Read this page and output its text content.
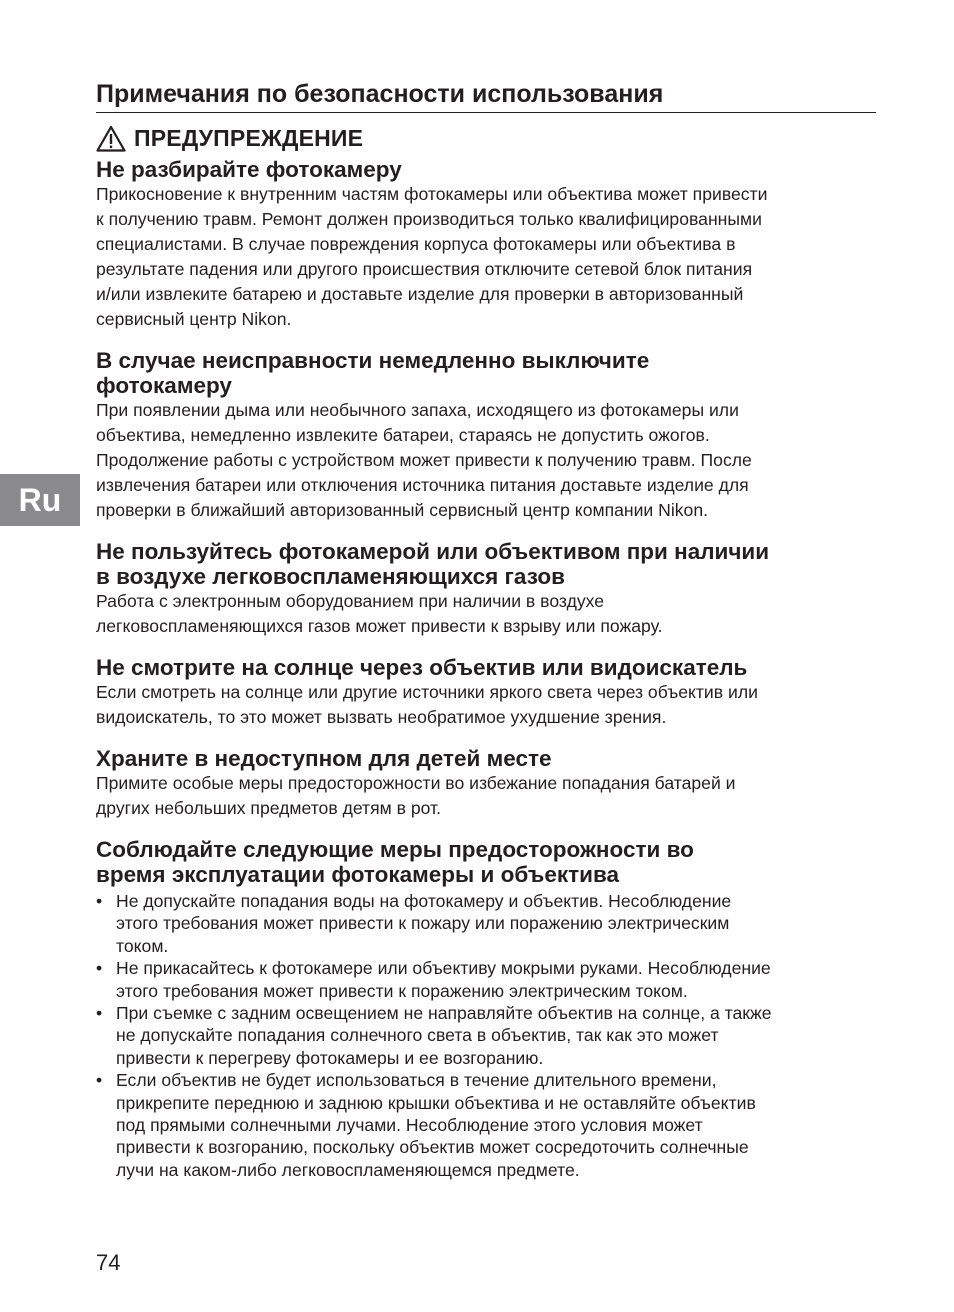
Примечания по безопасности использования
ПРЕДУПРЕЖДЕНИЕ
Не разбирайте фотокамеру

Прикосновение к внутренним частям фотокамеры или объектива может привести
к получению травм. Ремонт должен производиться только квалифицированными
специалистами. В случае повреждения корпуса фотокамеры или объектива в
результате падения или другого происшествия отключите сетевой блок питания
и/или извлеките батарею и доставьте изделие для проверки в авторизованный
сервисный центр Nikon.

В случае неисправности немедленно выключите
фотокамеру

При появлении дыма или необычного запаха, исходящего из фотокамеры или
объектива, немедленно извлеките батареи, стараясь не допустить ожогов.
Продолжение работы с устройством может привести к получению травм. После
извлечения батареи или отключения источника питания доставьте изделие для
проверки в ближайший авторизованный сервисный центр компании Nikon.

Не пользуйтесь фотокамерой или объективом при наличии
в воздухе легковоспламеняющихся газов

Работа с электронным оборудованием при наличии в воздухе
легковоспламеняющихся газов может привести к взрыву или пожару.

Не смотрите на солнце через объектив или видоискатель

Если смотреть на солнце или другие источники яркого света через объектив или
видоискатель, то это может вызвать необратимое ухудшение зрения.

Храните в недоступном для детей месте

Примите особые меры предосторожности во избежание попадания батарей и
других небольших предметов детям в рот.

Соблюдайте следующие меры предосторожности во
время эксплуатации фотокамеры и объектива
• Не допускайте попадания воды на фотокамеру и объектив. Несоблюдение
этого требования может привести к пожару или поражению электрическим
током.
• Не прикасайтесь к фотокамере или объективу мокрыми руками. Несоблюдение
этого требования может привести к поражению электрическим током.
• При съемке с задним освещением не направляйте объектив на солнце, а также
не допускайте попадания солнечного света в объектив, так как это может
привести к перегреву фотокамеры и ее возгоранию.
• Если объектив не будет использоваться в течение длительного времени,
прикрепите переднюю и заднюю крышки объектива и не оставляйте объектив
под прямыми солнечными лучами. Несоблюдение этого условия может
привести к возгоранию, поскольку объектив может сосредоточить солнечные
лучи на каком-либо легковоспламеняющемся предмете.
Ru
74
